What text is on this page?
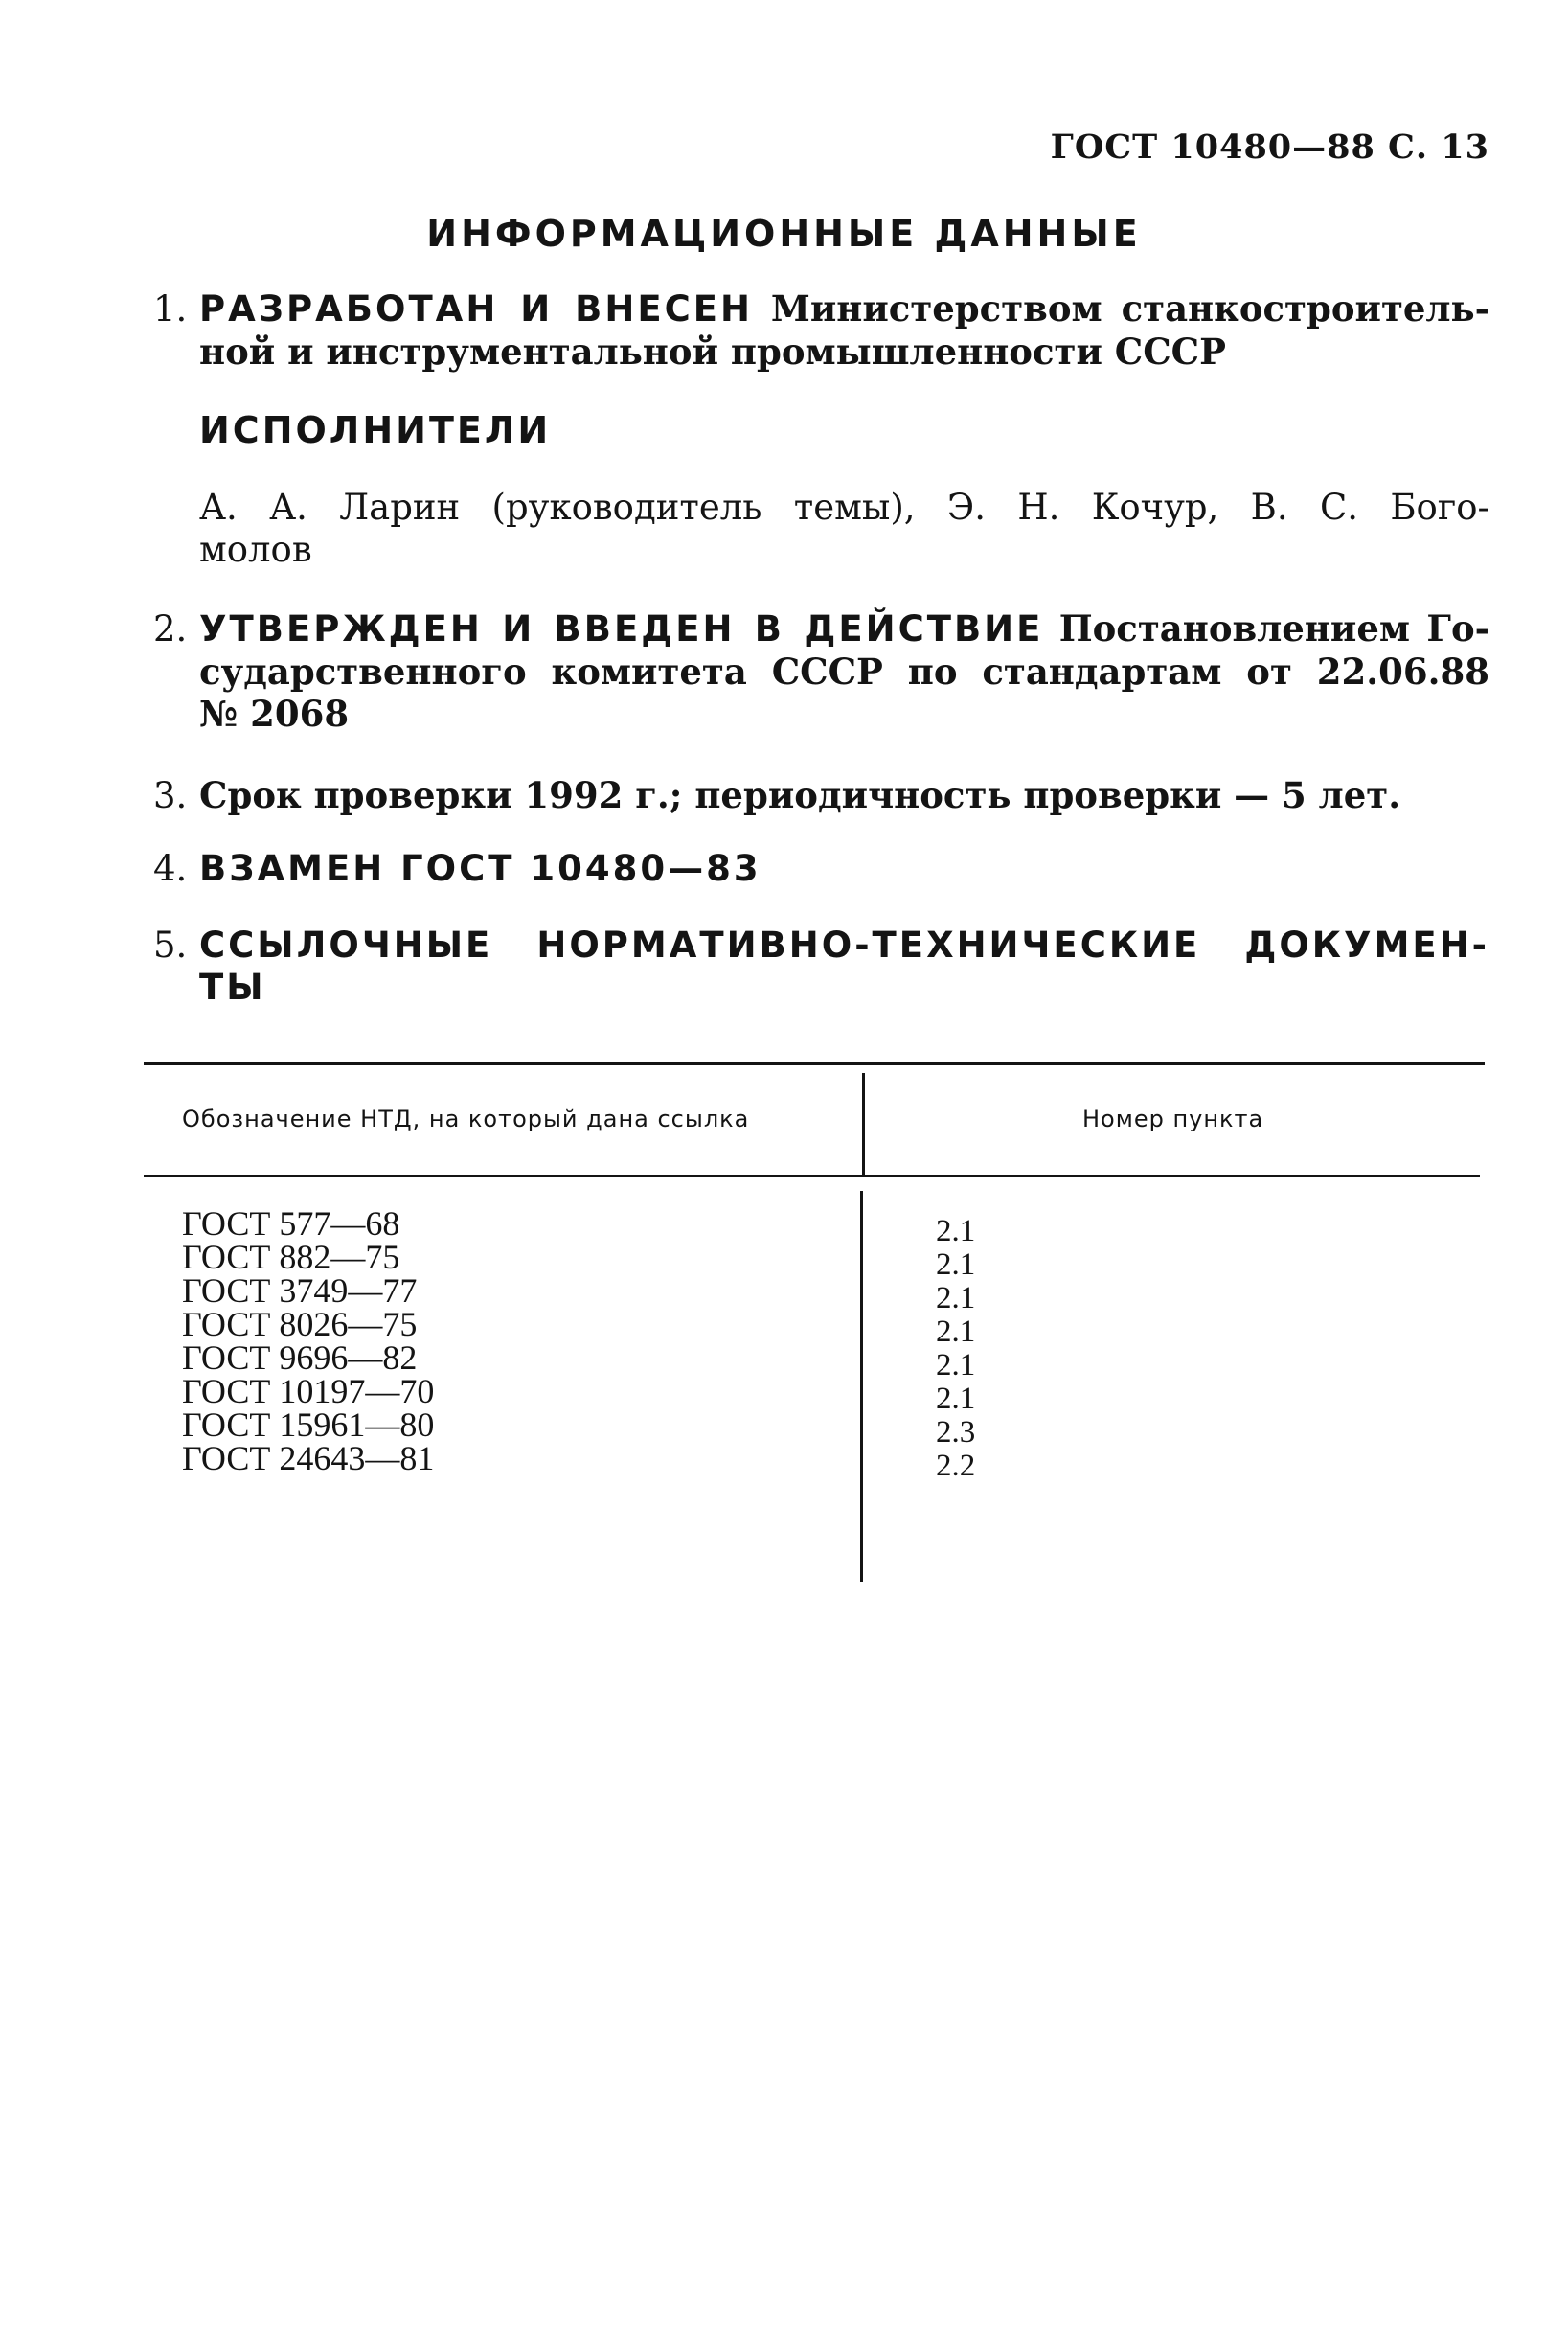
ГОСТ 10480—88 С. 13
ИНФОРМАЦИОННЫЕ ДАННЫЕ
1. РАЗРАБОТАН И ВНЕСЕН Министерством станкостроитель-
ной и инструментальной промышленности СССР
ИСПОЛНИТЕЛИ
А. А. Ларин (руководитель темы), Э. Н. Кочур, В. С. Бого-
молов
2. УТВЕРЖДЕН И ВВЕДЕН В ДЕЙСТВИЕ Постановлением Го-
сударственного комитета СССР по стандартам от 22.06.88
№ 2068
3. Срок проверки 1992 г.; периодичность проверки — 5 лет.
4. ВЗАМЕН ГОСТ 10480—83
5. ССЫЛОЧНЫЕ НОРМАТИВНО-ТЕХНИЧЕСКИЕ ДОКУМЕН-
ТЫ
Обозначение НТД, на который дана ссылка	Номер пункта
ГОСТ 577—68
ГОСТ 882—75
ГОСТ 3749—77
ГОСТ 8026—75
ГОСТ 9696—82
ГОСТ 10197—70
ГОСТ 15961—80
ГОСТ 24643—81
2.1
2.1
2.1
2.1
2.1
2.1
2.3
2.2
